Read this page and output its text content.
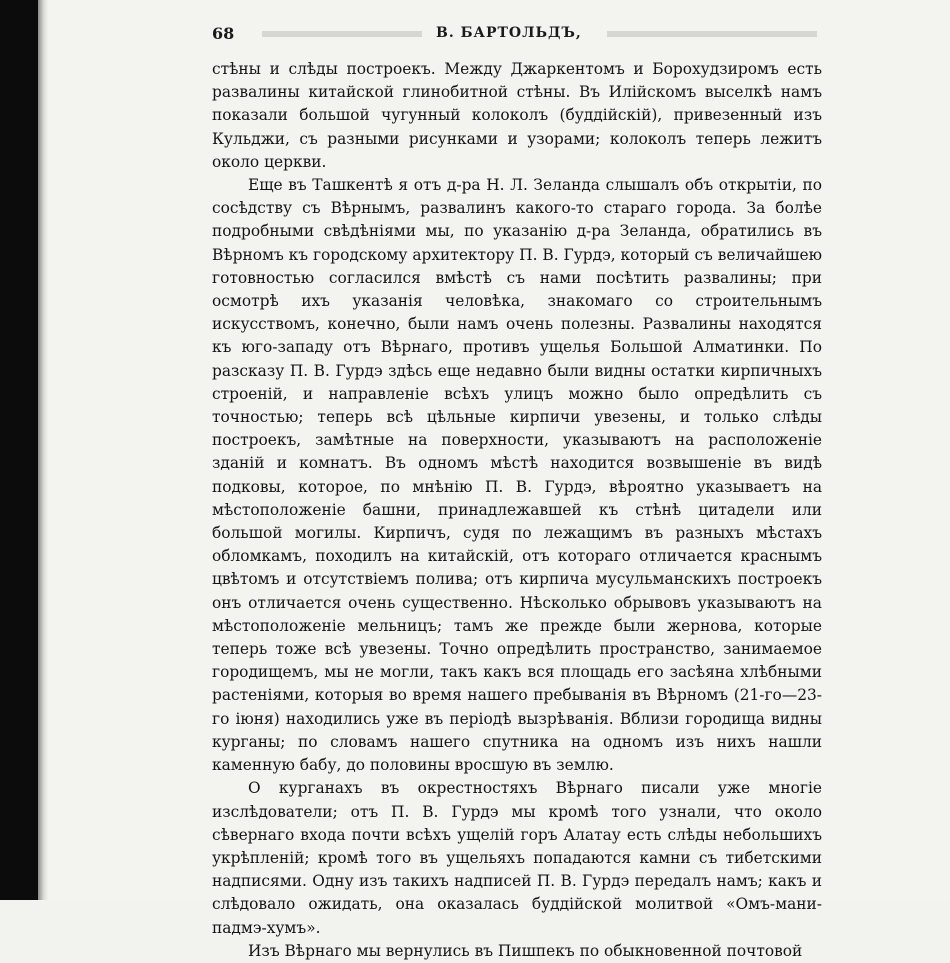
68	В. БАРТОЛЬДЪ,

стѣны и слѣды построекъ. Между Джаркентомъ и Борохудзиромъ есть развалины китайской глинобитной стѣны. Въ Илійскомъ выселкѣ намъ показали большой чугунный колоколъ (буддійскій), привезенный изъ Кульджи, съ разными рисунками и узорами; колоколъ теперь лежитъ около церкви.

Еще въ Ташкентѣ я отъ д-ра Н. Л. Зеланда слышалъ объ открытіи, по сосѣдству съ Вѣрнымъ, развалинъ какого-то стараго города. За болѣе подробными свѣдѣніями мы, по указанію д-ра Зеланда, обратились въ Вѣрномъ къ городскому архитектору П. В. Гурдэ, который съ величайшею готовностью согласился вмѣстѣ съ нами посѣтить развалины; при осмотрѣ ихъ указанія человѣка, знакомаго со строительнымъ искусствомъ, конечно, были намъ очень полезны. Развалины находятся къ юго-западу отъ Вѣрнаго, противъ ущелья Большой Алматинки. По разсказу П. В. Гурдэ здѣсь еще недавно были видны остатки кирпичныхъ строеній, и направленіе всѣхъ улицъ можно было опредѣлить съ точностью; теперь всѣ цѣльные кирпичи увезены, и только слѣды построекъ, замѣтные на поверхности, указываютъ на расположеніе зданій и комнатъ. Въ одномъ мѣстѣ находится возвышеніе въ видѣ подковы, которое, по мнѣнію П. В. Гурдэ, вѣроятно указываетъ на мѣстоположеніе башни, принадлежавшей къ стѣнѣ цитадели или большой могилы. Кирпичъ, судя по лежащимъ въ разныхъ мѣстахъ обломкамъ, походилъ на китайскій, отъ котораго отличается краснымъ цвѣтомъ и отсутствіемъ полива; отъ кирпича мусульманскихъ построекъ онъ отличается очень существенно. Нѣсколько обрывовъ указываютъ на мѣстоположеніе мельницъ; тамъ же прежде были жернова, которые теперь тоже всѣ увезены. Точно опредѣлить пространство, занимаемое городищемъ, мы не могли, такъ какъ вся площадь его засѣяна хлѣбными растеніями, которыя во время нашего пребыванія въ Вѣрномъ (21-го—23-го іюня) находились уже въ періодѣ вызрѣванія. Вблизи городища видны курганы; по словамъ нашего спутника на одномъ изъ нихъ нашли каменную бабу, до половины вросшую въ землю.

О курганахъ въ окрестностяхъ Вѣрнаго писали уже многіе изслѣдователи; отъ П. В. Гурдэ мы кромѣ того узнали, что около сѣвернаго входа почти всѣхъ ущелій горъ Алатау есть слѣды небольшихъ укрѣпленій; кромѣ того въ ущельяхъ попадаются камни съ тибетскими надписями. Одну изъ такихъ надписей П. В. Гурдэ передалъ намъ; какъ и слѣдовало ожидать, она оказалась буддійской молитвой «Омъ-мани-падмэ-хумъ».

Изъ Вѣрнаго мы вернулись въ Пишпекъ по обыкновенной почтовой
